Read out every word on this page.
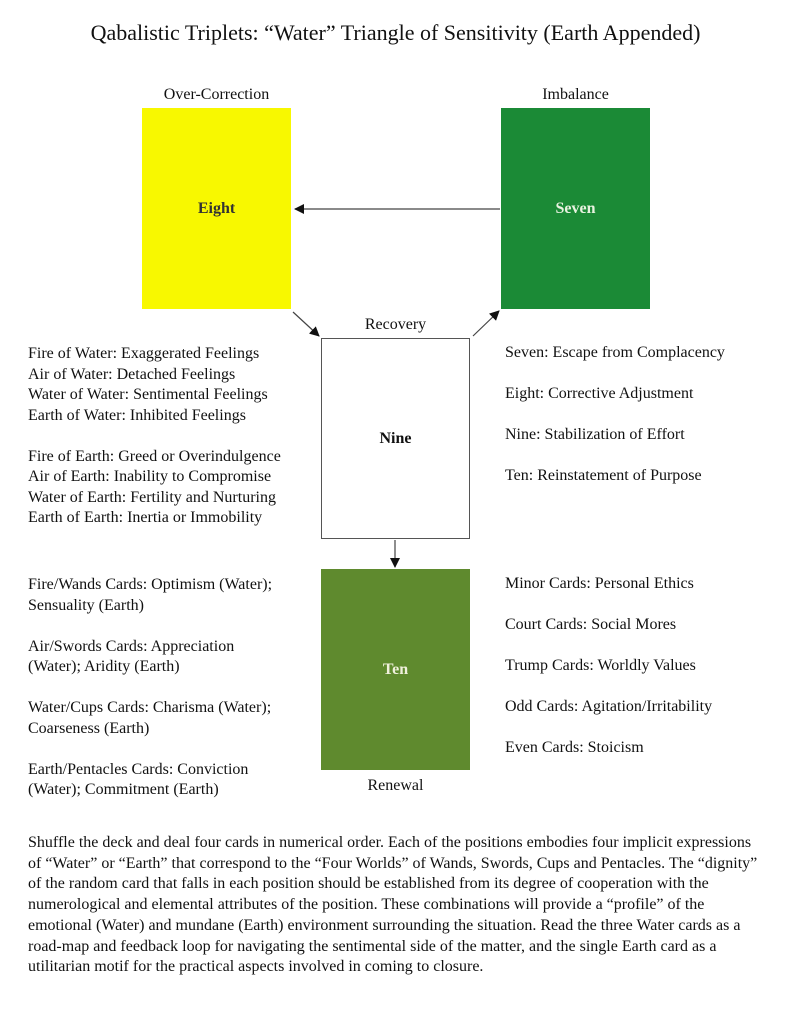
Qabalistic Triplets: “Water” Triangle of Sensitivity (Earth Appended)
Over-Correction	Imbalance
Recovery
Renewal
Eight	Seven
Nine
Ten
Fire of Water: Exaggerated Feelings
Air of Water: Detached Feelings
Water of Water: Sentimental Feelings
Earth of Water: Inhibited Feelings
Fire of Earth: Greed or Overindulgence
Air of Earth: Inability to Compromise
Water of Earth: Fertility and Nurturing
Earth of Earth: Inertia or Immobility
Seven: Escape from Complacency
Eight: Corrective Adjustment
Nine: Stabilization of Effort
Ten: Reinstatement of Purpose
Fire/Wands Cards: Optimism (Water);
Sensuality (Earth)
Air/Swords Cards: Appreciation
(Water); Aridity (Earth)
Water/Cups Cards: Charisma (Water);
Coarseness (Earth)
Earth/Pentacles Cards: Conviction
(Water); Commitment (Earth)
Minor Cards: Personal Ethics
Court Cards: Social Mores
Trump Cards: Worldly Values
Odd Cards: Agitation/Irritability
Even Cards: Stoicism
Shuffle the deck and deal four cards in numerical order. Each of the positions embodies four implicit expressions of “Water” or “Earth” that correspond to the “Four Worlds” of Wands, Swords, Cups and Pentacles. The “dignity” of the random card that falls in each position should be established from its degree of cooperation with the numerological and elemental attributes of the position. These combinations will provide a “profile” of the emotional (Water) and mundane (Earth) environment surrounding the situation. Read the three Water cards as a road-map and feedback loop for navigating the sentimental side of the matter, and the single Earth card as a utilitarian motif for the practical aspects involved in coming to closure.
